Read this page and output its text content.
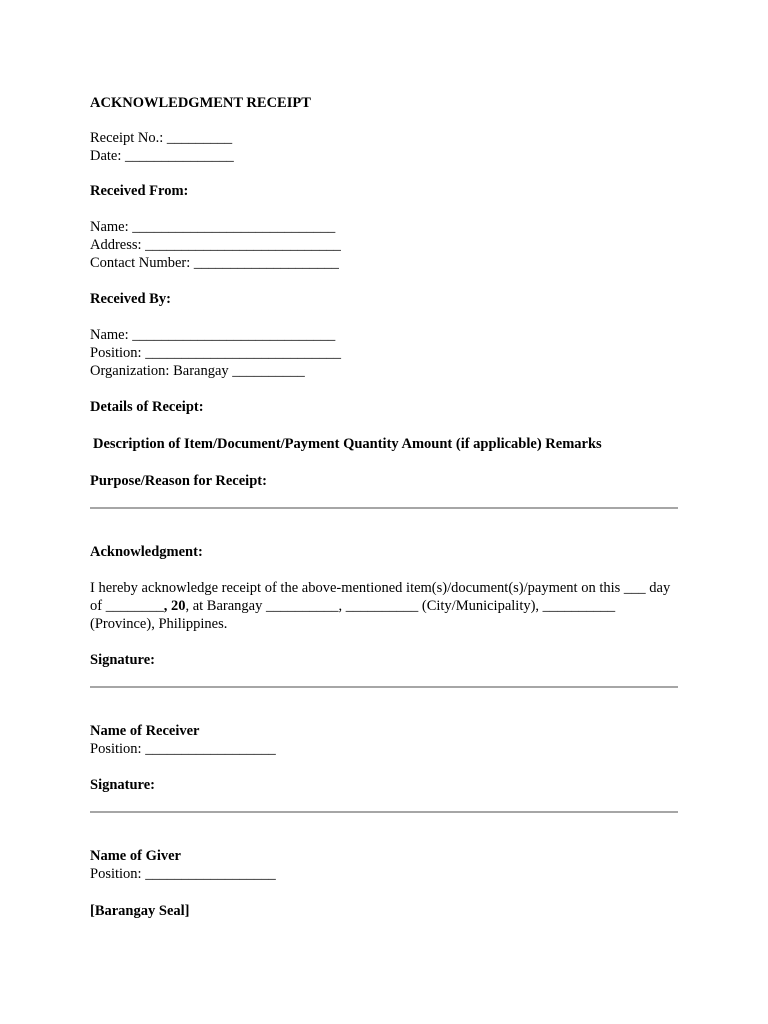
ACKNOWLEDGMENT RECEIPT
Receipt No.: _________
Date: _______________
Received From:
Name: ____________________________
Address: ___________________________
Contact Number: ____________________
Received By:
Name: ____________________________
Position: ___________________________
Organization: Barangay __________
Details of Receipt:
Description of Item/Document/Payment Quantity Amount (if applicable) Remarks
Purpose/Reason for Receipt:
Acknowledgment:
I hereby acknowledge receipt of the above-mentioned item(s)/document(s)/payment on this ___ day of ________, 20, at Barangay __________, __________ (City/Municipality), __________ (Province), Philippines.
Signature:
Name of Receiver
Position: __________________
Signature:
Name of Giver
Position: __________________
[Barangay Seal]
